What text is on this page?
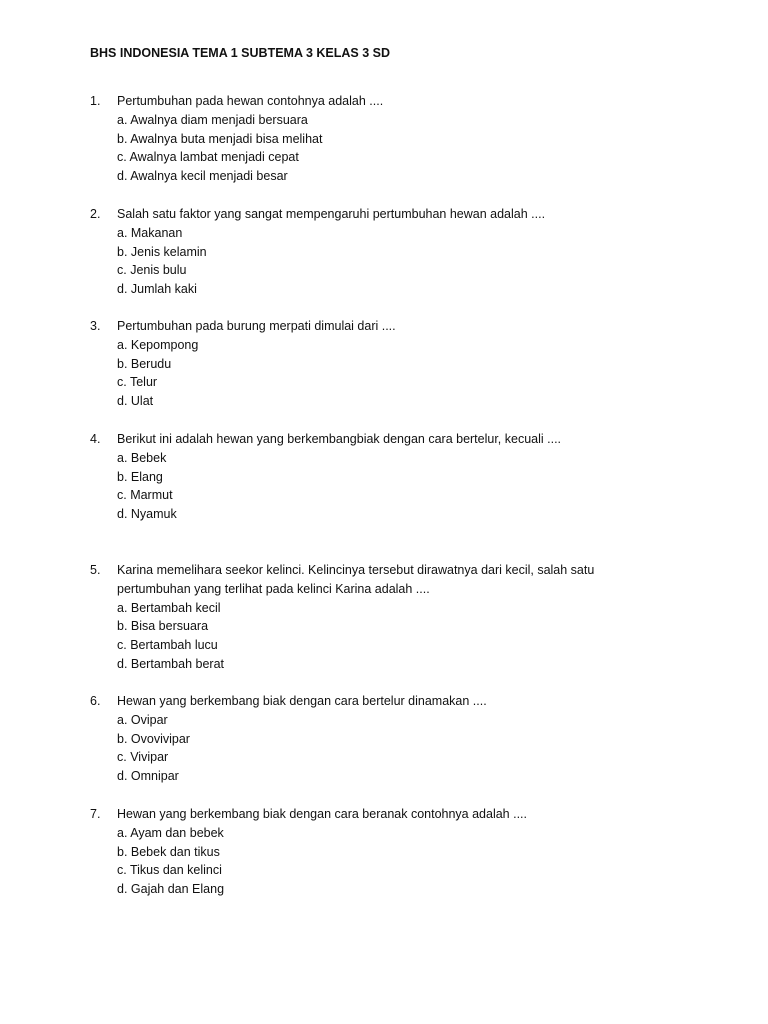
BHS INDONESIA TEMA 1 SUBTEMA 3 KELAS 3 SD
1.	Pertumbuhan pada hewan contohnya adalah ....
a. Awalnya diam menjadi bersuara
b. Awalnya buta menjadi bisa melihat
c. Awalnya lambat menjadi cepat
d. Awalnya kecil menjadi besar
2.	Salah satu faktor yang sangat mempengaruhi pertumbuhan hewan adalah ....
a. Makanan
b. Jenis kelamin
c. Jenis bulu
d. Jumlah kaki
3.	Pertumbuhan pada burung merpati dimulai dari ....
a. Kepompong
b. Berudu
c. Telur
d. Ulat
4.	Berikut ini adalah hewan yang berkembangbiak dengan cara bertelur, kecuali ....
a. Bebek
b. Elang
c. Marmut
d. Nyamuk
5.	Karina memelihara seekor kelinci. Kelincinya tersebut dirawatnya dari kecil, salah satu pertumbuhan yang terlihat pada kelinci Karina adalah ....
a. Bertambah kecil
b. Bisa bersuara
c. Bertambah lucu
d. Bertambah berat
6.	Hewan yang berkembang biak dengan cara bertelur dinamakan ....
a. Ovipar
b. Ovovivipar
c. Vivipar
d. Omnipar
7.	Hewan yang berkembang biak dengan cara beranak contohnya adalah ....
a. Ayam dan bebek
b. Bebek dan tikus
c. Tikus dan kelinci
d. Gajah dan Elang
